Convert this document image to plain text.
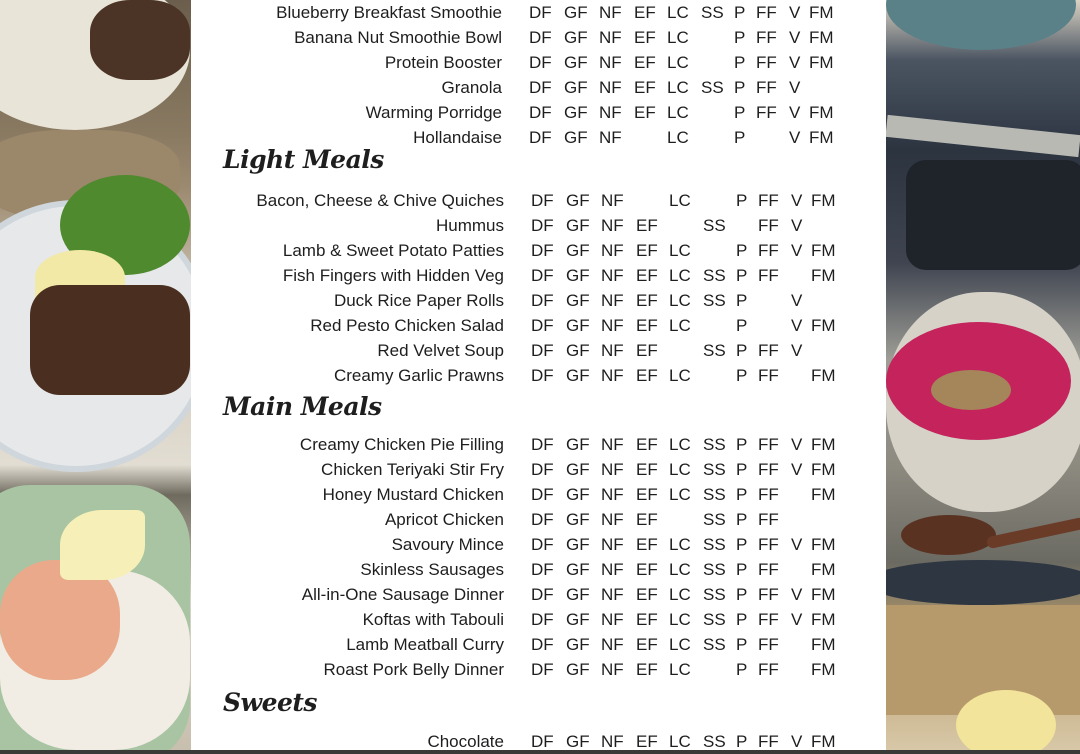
Blueberry Breakfast Smoothie DF GF NF EF LC SS P FF V FM
Banana Nut Smoothie Bowl DF GF NF EF LC	P FF V FM
Protein Booster DF GF NF EF LC	P FF V FM
Granola DF GF NF EF LC SS P FF V
Warming Porridge DF GF NF EF LC	P FF V FM
Hollandaise DF GF NF	LC	P	V FM
Light Meals
Bacon, Cheese & Chive Quiches DF GF NF	LC	P FF V FM
Hummus DF GF NF EF	SS FF V
Lamb & Sweet Potato Patties DF GF NF EF LC	P FF V FM
Fish Fingers with Hidden Veg DF GF NF EF LC SS P FF FM
Duck Rice Paper Rolls DF GF NF EF LC SS P	V
Red Pesto Chicken Salad DF GF NF EF LC	P	V FM
Red Velvet Soup DF GF NF EF	SS P FF V
Creamy Garlic Prawns DF GF NF EF LC	P FF FM
Main Meals
Creamy Chicken Pie Filling DF GF NF EF LC SS P FF V FM
Chicken Teriyaki Stir Fry DF GF NF EF LC SS P FF V FM
Honey Mustard Chicken DF GF NF EF LC SS P FF FM
Apricot Chicken DF GF NF EF	SS P FF
Savoury Mince DF GF NF EF LC SS P FF V FM
Skinless Sausages DF GF NF EF LC SS P FF FM
All-in-One Sausage Dinner DF GF NF EF LC SS P FF V FM
Koftas with Tabouli DF GF NF EF LC SS P FF V FM
Lamb Meatball Curry DF GF NF EF LC SS P FF FM
Roast Pork Belly Dinner DF GF NF EF LC	P FF FM
Sweets
Chocolate DF GF NF EF LC SS P FF V FM
